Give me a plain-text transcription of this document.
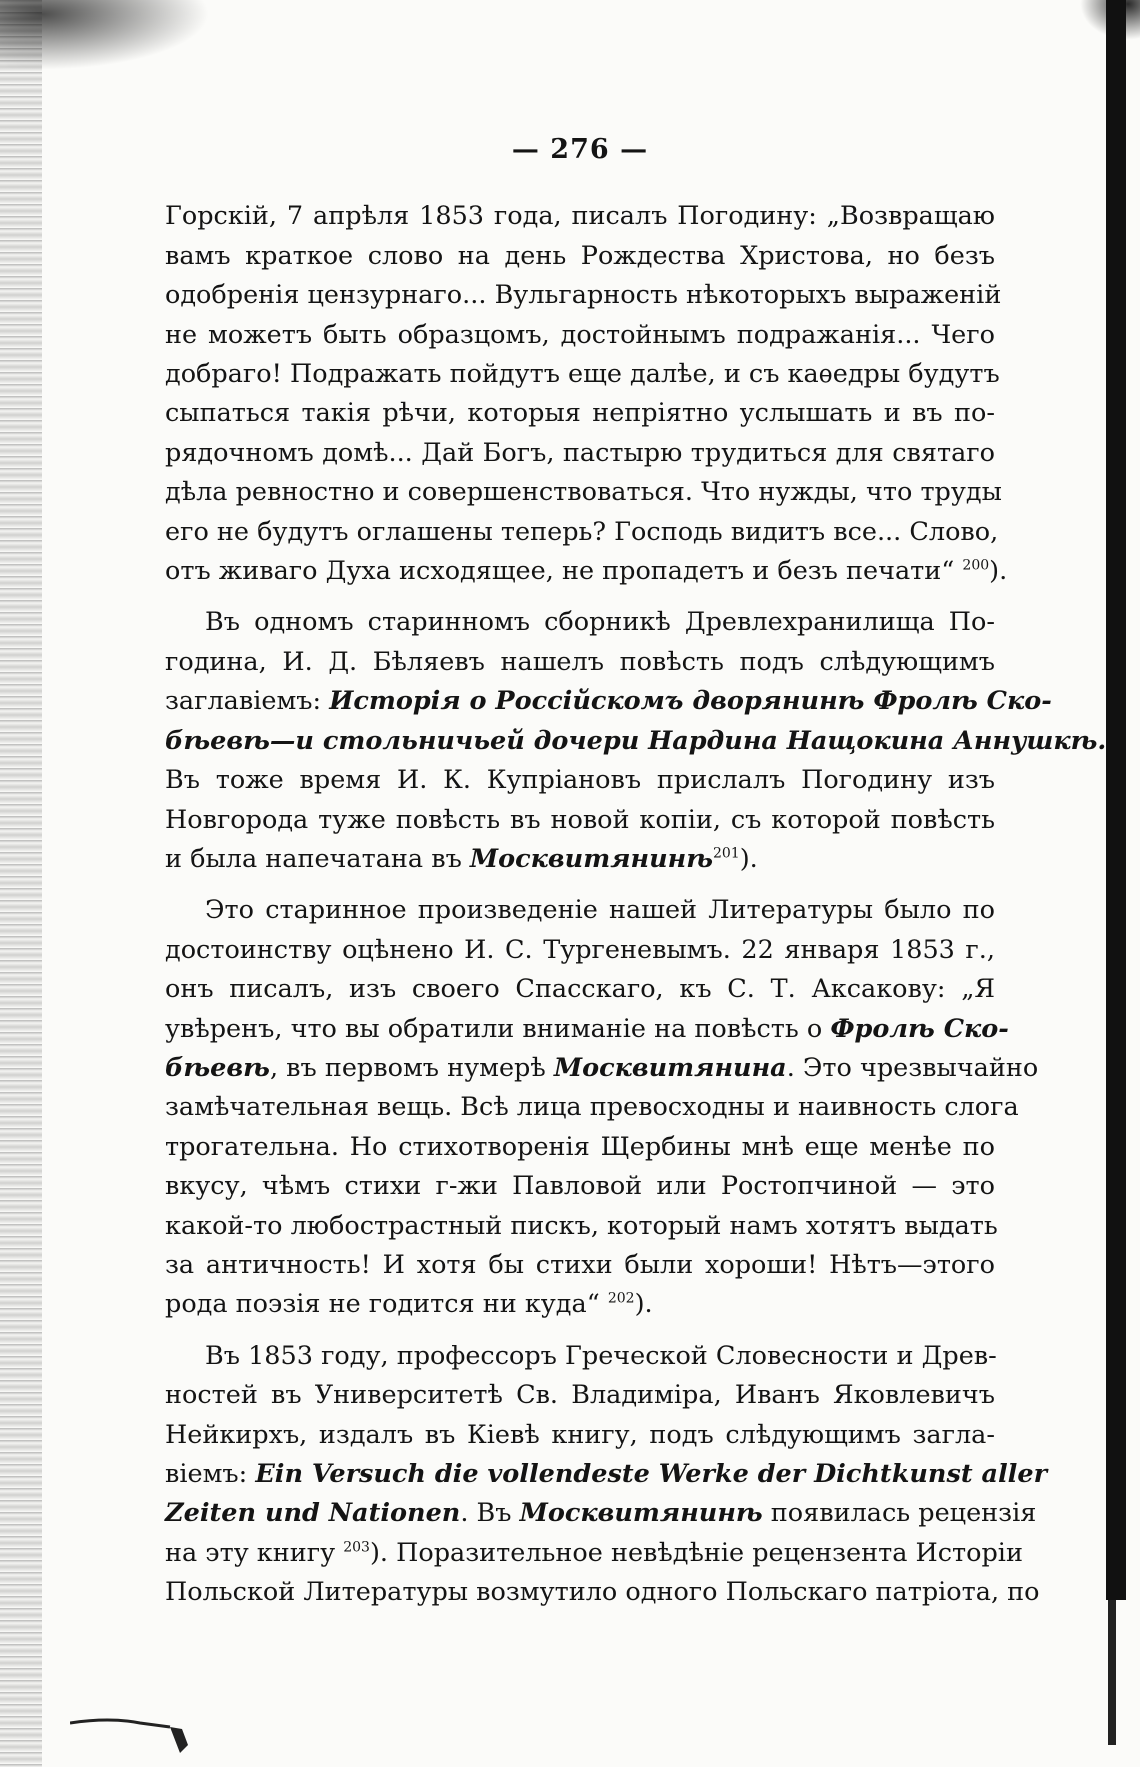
— 276 —
Горскій, 7 апрѣля 1853 года, писалъ Погодину: „Возвращаю
вамъ краткое слово на день Рождества Христова, но безъ
одобренія цензурнаго... Вульгарность нѣкоторыхъ выраженій
не можетъ быть образцомъ, достойнымъ подражанія... Чего
добраго! Подражать пойдутъ еще далѣе, и съ каѳедры будутъ
сыпаться такія рѣчи, которыя непріятно услышать и въ по-
рядочномъ домѣ... Дай Богъ, пастырю трудиться для святаго
дѣла ревностно и совершенствоваться. Что нужды, что труды
его не будутъ оглашены теперь? Господь видитъ все... Слово,
отъ живаго Духа исходящее, не пропадетъ и безъ печати“ $^{200}$).
Въ одномъ старинномъ сборникѣ Древлехранилища По-
година, И. Д. Бѣляевъ нашелъ повѣсть подъ слѣдующимъ
заглавіемъ: Исторія о Россійскомъ дворянинѣ Фролѣ Ско-
бѣевѣ—и стольничьей дочери Нардина Нащокина Аннушкѣ.
Въ тоже время И. К. Купріановъ прислалъ Погодину изъ
Новгорода туже повѣсть въ новой копіи, съ которой повѣсть
и была напечатана въ Москвитянинѣ$^{201}$).
Это старинное произведеніе нашей Литературы было по
достоинству оцѣнено И. С. Тургеневымъ. 22 января 1853 г.,
онъ писалъ, изъ своего Спасскаго, къ С. Т. Аксакову: „Я
увѣренъ, что вы обратили вниманіе на повѣсть о Фролѣ Ско-
бѣевѣ, въ первомъ нумерѣ Москвитянина. Это чрезвычайно
замѣчательная вещь. Всѣ лица превосходны и наивность слога
трогательна. Но стихотворенія Щербины мнѣ еще менѣе по
вкусу, чѣмъ стихи г-жи Павловой или Ростопчиной — это
какой-то любострастный пискъ, который намъ хотятъ выдать
за античность! И хотя бы стихи были хороши! Нѣтъ—этого
рода поэзія не годится ни куда“ $^{202}$).
Въ 1853 году, профессоръ Греческой Словесности и Древ-
ностей въ Университетѣ Св. Владиміра, Иванъ Яковлевичъ
Нейкирхъ, издалъ въ Кіевѣ книгу, подъ слѣдующимъ загла-
віемъ: Ein Versuch die vollendeste Werke der Dichtkunst aller
Zeiten und Nationen. Въ Москвитянинѣ появилась рецензія
на эту книгу $^{203}$). Поразительное невѣдѣніе рецензента Исторіи
Польской Литературы возмутило одного Польскаго патріота, по
